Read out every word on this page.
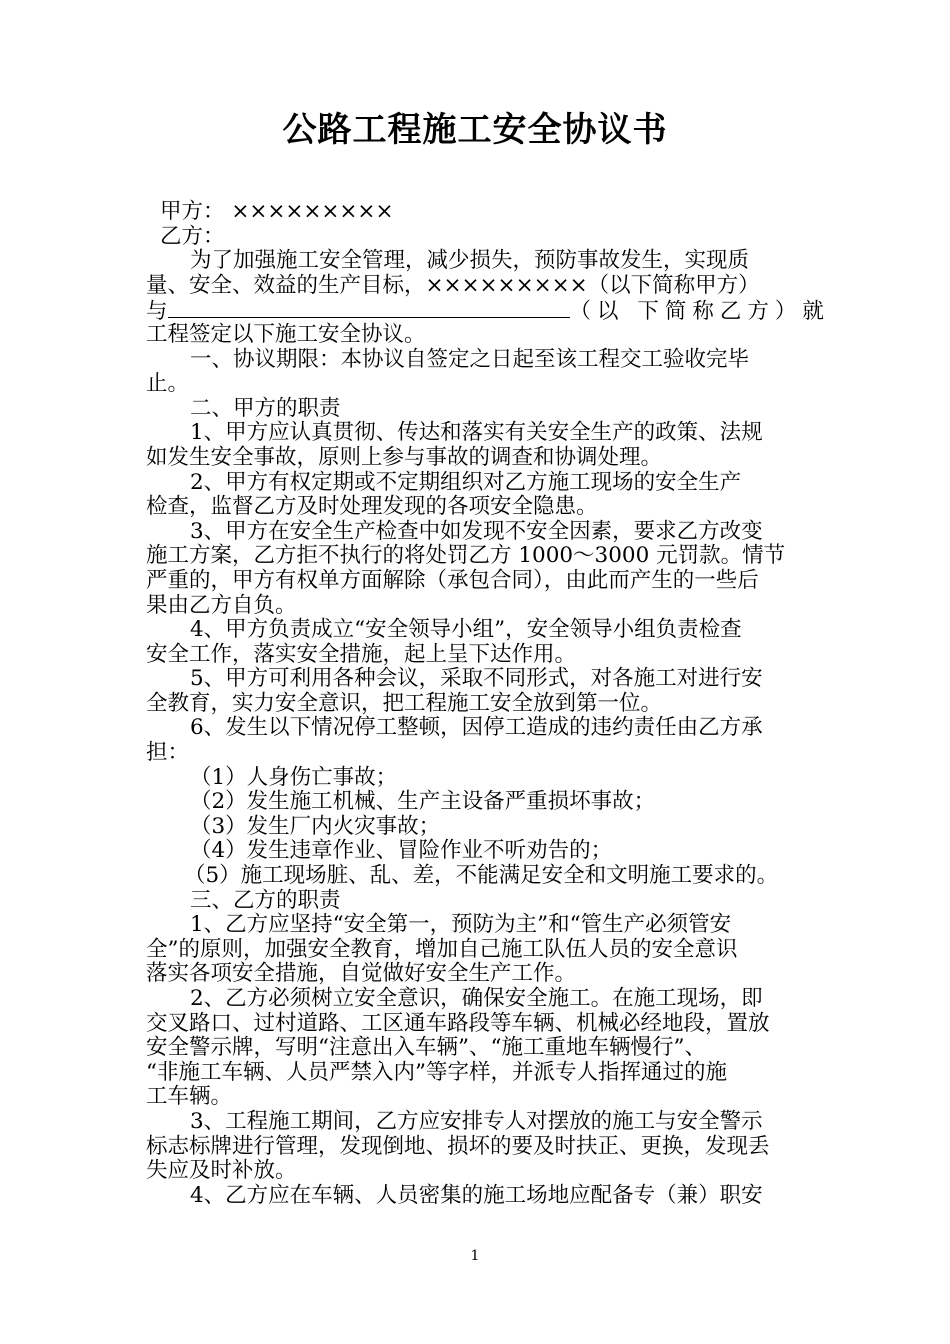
公路工程施工安全协议书
甲方： ×××××××××
乙方：
为了加强施工安全管理，减少损失，预防事故发生，实现质
量、安全、效益的生产目标，×××××××××（以下简称甲方）
与	（以 下简称乙方）就
工程签定以下施工安全协议。
一、协议期限：本协议自签定之日起至该工程交工验收完毕
止。
二、甲方的职责
1、甲方应认真贯彻、传达和落实有关安全生产的政策、法规
如发生安全事故，原则上参与事故的调查和协调处理。
2、甲方有权定期或不定期组织对乙方施工现场的安全生产
检查，监督乙方及时处理发现的各项安全隐患。
3、甲方在安全生产检查中如发现不安全因素，要求乙方改变
施工方案，乙方拒不执行的将处罚乙方 1000～3000 元罚款。情节
严重的，甲方有权单方面解除（承包合同），由此而产生的一些后
果由乙方自负。
4、甲方负责成立“安全领导小组”，安全领导小组负责检查
安全工作，落实安全措施，起上呈下达作用。
5、甲方可利用各种会议，采取不同形式，对各施工对进行安
全教育，实力安全意识，把工程施工安全放到第一位。
6、发生以下情况停工整顿，因停工造成的违约责任由乙方承
担：
（1）人身伤亡事故；
（2）发生施工机械、生产主设备严重损坏事故；
（3）发生厂内火灾事故；
（4）发生违章作业、冒险作业不听劝告的；
（5）施工现场脏、乱、差，不能满足安全和文明施工要求的。
三、乙方的职责
1、乙方应坚持“安全第一，预防为主”和“管生产必须管安
全”的原则，加强安全教育，增加自己施工队伍人员的安全意识
落实各项安全措施，自觉做好安全生产工作。
2、乙方必须树立安全意识，确保安全施工。在施工现场，即
交叉路口、过村道路、工区通车路段等车辆、机械必经地段，置放
安全警示牌，写明“注意出入车辆”、“施工重地车辆慢行”、
“非施工车辆、人员严禁入内”等字样，并派专人指挥通过的施
工车辆。
3、工程施工期间，乙方应安排专人对摆放的施工与安全警示
标志标牌进行管理，发现倒地、损坏的要及时扶正、更换，发现丢
失应及时补放。
4、乙方应在车辆、人员密集的施工场地应配备专（兼）职安
1
